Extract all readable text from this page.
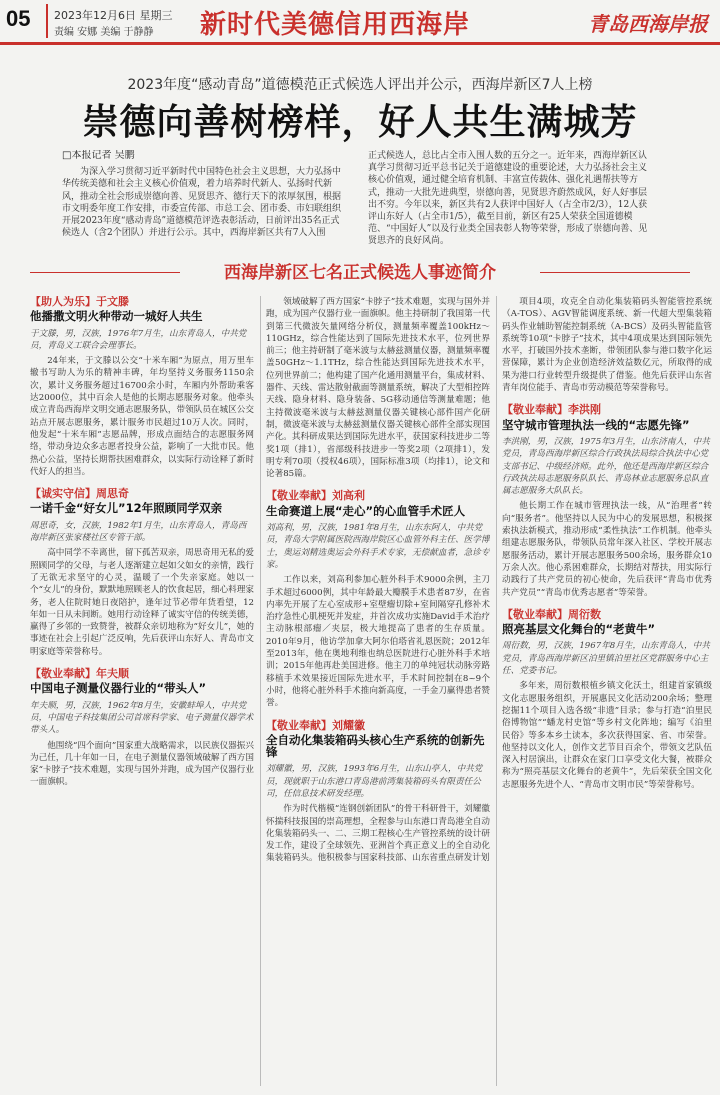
05 2023年12月6日 星期三
责编 安娜 美编 于静静 新时代美德信用西海岸	青岛西海岸报
2023年度“感动青岛”道德模范正式候选人评出并公示，西海岸新区7人上榜
崇德向善树榜样，好人共生满城芳
□本报记者 吴鹏
为深入学习贯彻习近平新时代中国特色社会主义思想，大力弘扬中华传统美德和社会主义核心价值观，着力培养时代新人、弘扬时代新风，推动全社会形成崇德向善、见贤思齐、德行天下的浓厚氛围，根据市文明委年度工作安排，市委宣传部、市总工会、团市委、市妇联组织开展2023年度“感动青岛”道德模范评选表彰活动，日前评出35名正式候选人（含2个团队）并进行公示。其中，西海岸新区共有7人入围
正式候选人，总比占全市入围人数的五分之一。近年来，西海岸新区认真学习贯彻习近平总书记关于道德建设的重要论述，大力弘扬社会主义核心价值观，通过健全培育机制、丰富宣传载体、强化礼遇帮扶等方式，推动一大批先进典型，崇德向善，见贤思齐蔚然成风，好人好事层出不穷。今年以来，新区共有2人获评中国好人（占全市2/3），12人获评山东好人（占全市1/5），截至目前，新区有25人荣获全国道德模范、“中国好人”以及行业类全国表彰人物等荣誉，形成了崇德向善、见贤思齐的良好风尚。
西海岸新区七名正式候选人事迹简介
【助人为乐】于文滕
他播撒文明火种带动一城好人共生
于文滕，男，汉族，1976年7月生，山东青岛人，中共党员，青岛义工联合会理事长。
24年来，于文滕以公交“十米车厢”为原点，用万里车辙书写助人为乐的精神丰碑，年均坚持义务服务1150余次，累计义务服务超过16700余小时，车厢内外帮助乘客达2000位，其中百余人是他的长期志愿服务对象。他牵头成立青岛西海岸文明交通志愿服务队，带领队员在城区公交站点开展志愿服务，累计服务市民超过10万人次。同时，他发起“十米车厢”志愿品牌，形成点面结合的志愿服务网络，带动身边众多志愿者投身公益，影响了一大批市民。他热心公益，坚持长期帮扶困难群众，以实际行动诠释了新时代好人的担当。
【诚实守信】周思奇
一诺千金“好女儿”12年照顾同学双亲
周思奇，女，汉族，1982年1月生，山东青岛人，青岛西海岸新区张家楼社区专管干部。
高中同学不幸离世，留下孤苦双亲，周思奇用无私的爱照顾同学的父母，与老人逐渐建立起如父如女的亲情，践行了无欲无求坚守的心灵，温暖了一个失亲家庭。她以一个“女儿”的身份，默默地照顾老人的饮食起居，细心料理家务，老人住院时她日夜陪护，逢年过节必带年货看望，12年如一日从未间断。她用行动诠释了诚实守信的传统美德，赢得了乡邻的一致赞誉，被群众亲切地称为“好女儿”，她的事迹在社会上引起广泛反响，先后获评山东好人、青岛市文明家庭等荣誉称号。
【敬业奉献】年夫顺
中国电子测量仪器行业的“带头人”
年夫顺，男，汉族，1962年8月生，安徽蚌埠人，中共党员，中国电子科技集团公司首席科学家、电子测量仪器学术带头人。
他围绕“四个面向”国家重大战略需求，以民族仪器振兴为己任，几十年如一日，在电子测量仪器领域破解了西方国家“卡脖子”技术难题，实现与国外并跑，成为国产仪器行业一面旗帜。
领域破解了西方国家“卡脖子”技术难题，实现与国外并跑，成为国产仪器行业一面旗帜。他主持研制了我国第一代到第三代微波矢量网络分析仪，测量频率覆盖100kHz～110GHz，综合性能达到了国际先进技术水平，位列世界前三；他主持研制了毫米波与太赫兹测量仪器，测量频率覆盖50GHz～1.1THz，综合性能达到国际先进技术水平，位列世界前二；他构建了国产化通用测量平台，集成材料、器件、天线、雷达散射截面等测量系统，解决了大型相控阵天线、隐身材料、隐身装备、5G移动通信等测量难题；他主持微波毫米波与太赫兹测量仪器关键核心部件国产化研制，微波毫米波与太赫兹测量仪器关键核心部件全部实现国产化。其科研成果达到国际先进水平，获国家科技进步二等奖1项（排1），省部级科技进步一等奖2项（2项排1），发明专利70项（授权46项），国际标准3项（均排1），论文和论著85篇。
【敬业奉献】刘高利
生命赛道上展“走心”的心血管手术匠人
刘高利，男，汉族，1981年8月生，山东东阿人，中共党员，青岛大学附属医院西海岸院区心血管外科主任、医学博士，奥运刘精选奥运会外科手术专家，无偿献血者，急诊专家。
工作以来，刘高利参加心脏外科手术9000余例，主刀手术超过6000例，其中年龄最大瓣膜手术患者87岁，在省内率先开展了左心室成形+室壁瘤切除+室间隔穿孔修补术治疗急性心肌梗死并发症，并首次成功实施David手术治疗主动脉根部瘤／夹层，极大地提高了患者的生存质量。2010年9月，他访学加拿大阿尔伯塔省礼恩医院；2012年至2013年，他在奥地利维也纳总医院进行心脏外科手术培训；2015年他再赴美国进修。他主刀的单纯冠状动脉旁路移植手术效果接近国际先进水平，手术时间控制在8~9个小时，他将心脏外科手术推向新高度，一手金刀赢得患者赞誉。
【敬业奉献】刘耀徽
全自动化集装箱码头核心生产系统的创新先锋
刘耀徽，男，汉族，1993年6月生，山东山亭人，中共党员，现就职于山东港口青岛港前湾集装箱码头有限责任公司，任信息技术研发经理。
作为时代楷模“连钢创新团队”的骨干科研骨干，刘耀徽怀揣科技报国的崇高理想，全程参与山东港口青岛港全自动化集装箱码头一、二、三期工程核心生产管控系统的设计研发工作，建设了全球领先、亚洲首个真正意义上的全自动化集装箱码头。他积极参与国家科技部、山东省重点研发计划
项目4项，攻克全自动化集装箱码头智能管控系统（A-TOS）、AGV智能调度系统、新一代超大型集装箱码头作业辅助智能控制系统（A-BCS）及码头智能监管系统等10项“卡脖子”技术，其中4项成果达到国际领先水平，打破国外技术垄断，带领团队参与港口数字化运营保障，累计为企业创造经济效益数亿元，所取得的成果为港口行业转型升级提供了借鉴。他先后获评山东省青年岗位能手、青岛市劳动模范等荣誉称号。
【敬业奉献】李洪刚
坚守城市管理执法一线的“志愿先锋”
李洪刚，男，汉族，1975年3月生，山东济南人，中共党员，青岛西海岸新区综合行政执法局综合执法中心党支部书记、中级经济师。此外，他还是西海岸新区综合行政执法局志愿服务队队长、青岛林业志愿服务总队直属志愿服务大队队长。
他长期工作在城市管理执法一线，从“治理者”转向“服务者”。他坚持以人民为中心的发展思想，积极探索执法新模式，推动形成“柔性执法”工作机制。他牵头组建志愿服务队，带领队员常年深入社区、学校开展志愿服务活动，累计开展志愿服务500余场，服务群众10万余人次。他心系困难群众，长期结对帮扶，用实际行动践行了共产党员的初心使命，先后获评“青岛市优秀共产党员”“青岛市优秀志愿者”等荣誉。
【敬业奉献】周衍数
照亮基层文化舞台的“老黄牛”
周衍数，男，汉族，1967年8月生，山东青岛人，中共党员，青岛西海岸新区泊里镇泊里社区党群服务中心主任、党委书记。
多年来，周衍数根植乡镇文化沃土，组建首家镇级文化志愿服务组织，开展惠民文化活动200余场；整理挖掘11个项目入选各级“非遗”目录；参与打造“泊里民俗博物馆”“蟠龙村史馆”等乡村文化阵地；编写《泊里民俗》等多本乡土读本，多次获得国家、省、市荣誉。他坚持以文化人，创作文艺节目百余个，带领文艺队伍深入村居演出，让群众在家门口享受文化大餐，被群众称为“照亮基层文化舞台的老黄牛”，先后荣获全国文化志愿服务先进个人、“青岛市文明市民”等荣誉称号。
